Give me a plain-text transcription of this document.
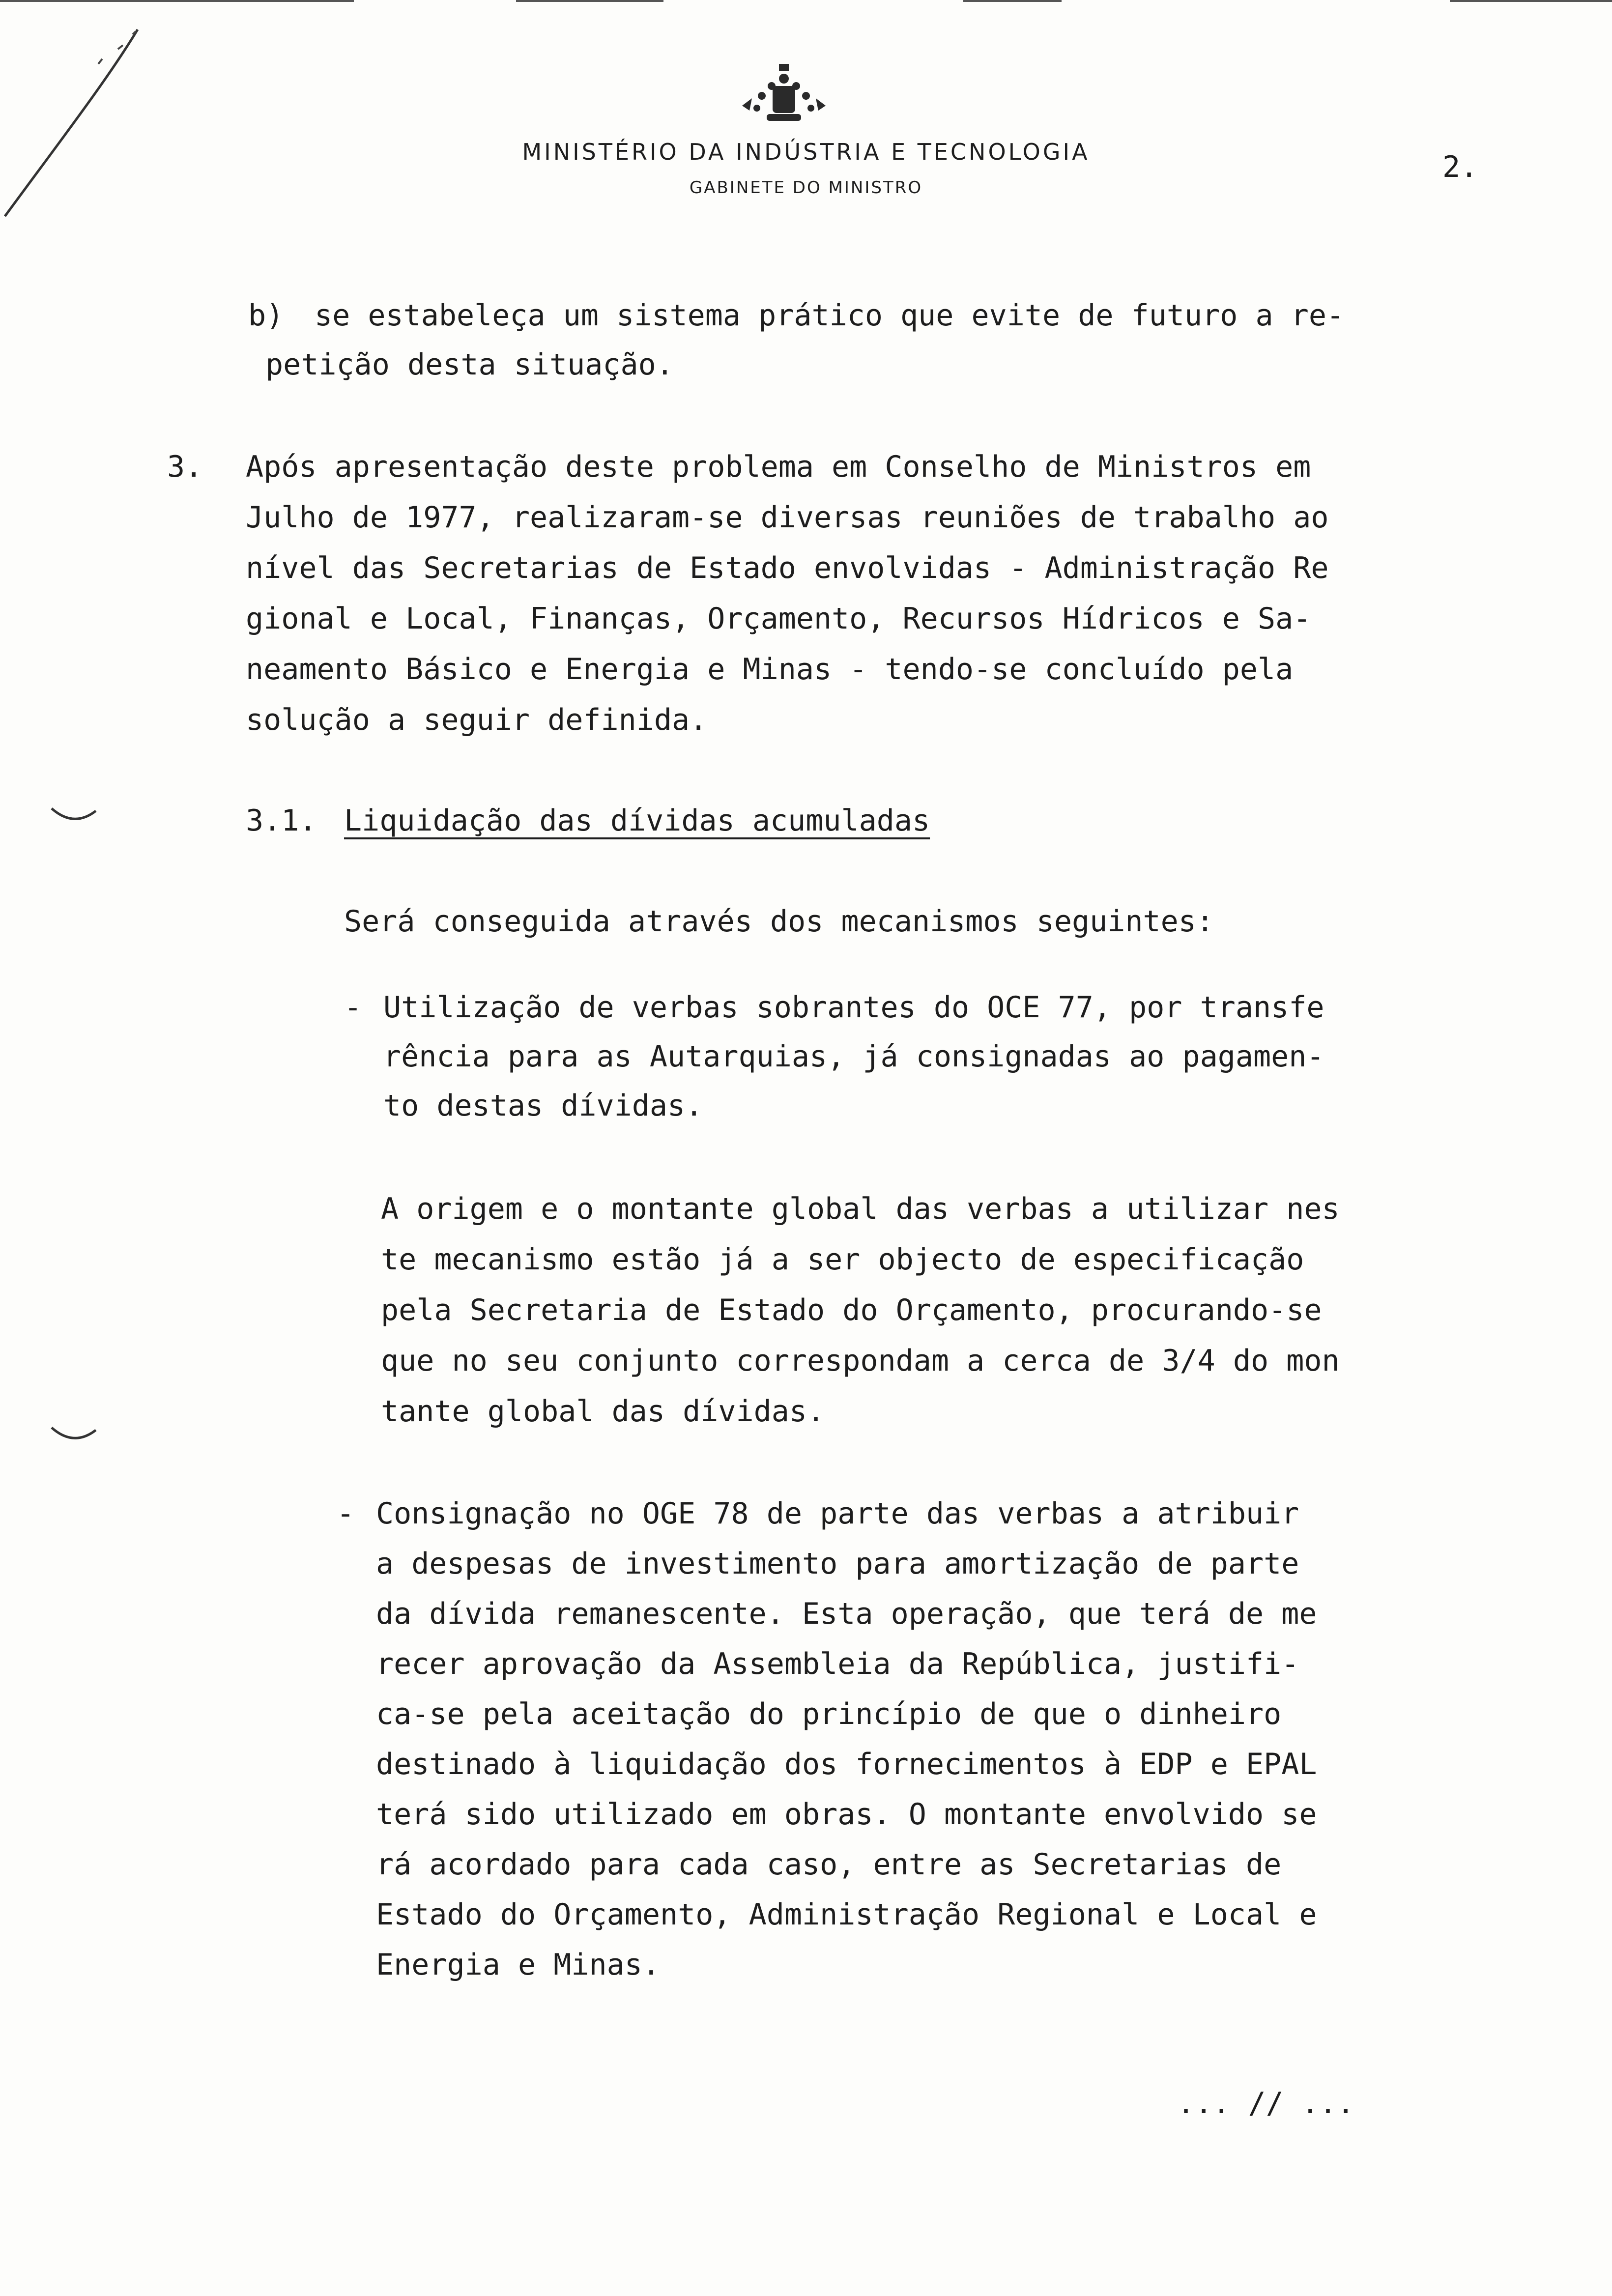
MINISTÉRIO DA INDÚSTRIA E TECNOLOGIA
GABINETE DO MINISTRO
2.
b) se estabeleça um sistema prático que evite de futuro a re-
petição desta situação.
3. Após apresentação deste problema em Conselho de Ministros em
Julho de 1977, realizaram-se diversas reuniões de trabalho ao
nível das Secretarias de Estado envolvidas - Administração Re
gional e Local, Finanças, Orçamento, Recursos Hídricos e Sa-
neamento Básico e Energia e Minas - tendo-se concluído pela
solução a seguir definida.
3.1. Liquidação das dívidas acumuladas
Será conseguida através dos mecanismos seguintes:
- Utilização de verbas sobrantes do OCE 77, por transfe
rência para as Autarquias, já consignadas ao pagamen-
to destas dívidas.
A origem e o montante global das verbas a utilizar nes
te mecanismo estão já a ser objecto de especificação
pela Secretaria de Estado do Orçamento, procurando-se
que no seu conjunto correspondam a cerca de 3/4 do mon
tante global das dívidas.
- Consignação no OGE 78 de parte das verbas a atribuir
a despesas de investimento para amortização de parte
da dívida remanescente. Esta operação, que terá de me
recer aprovação da Assembleia da República, justifi-
ca-se pela aceitação do princípio de que o dinheiro
destinado à liquidação dos fornecimentos à EDP e EPAL
terá sido utilizado em obras. O montante envolvido se
rá acordado para cada caso, entre as Secretarias de
Estado do Orçamento, Administração Regional e Local e
Energia e Minas.
... // ...
